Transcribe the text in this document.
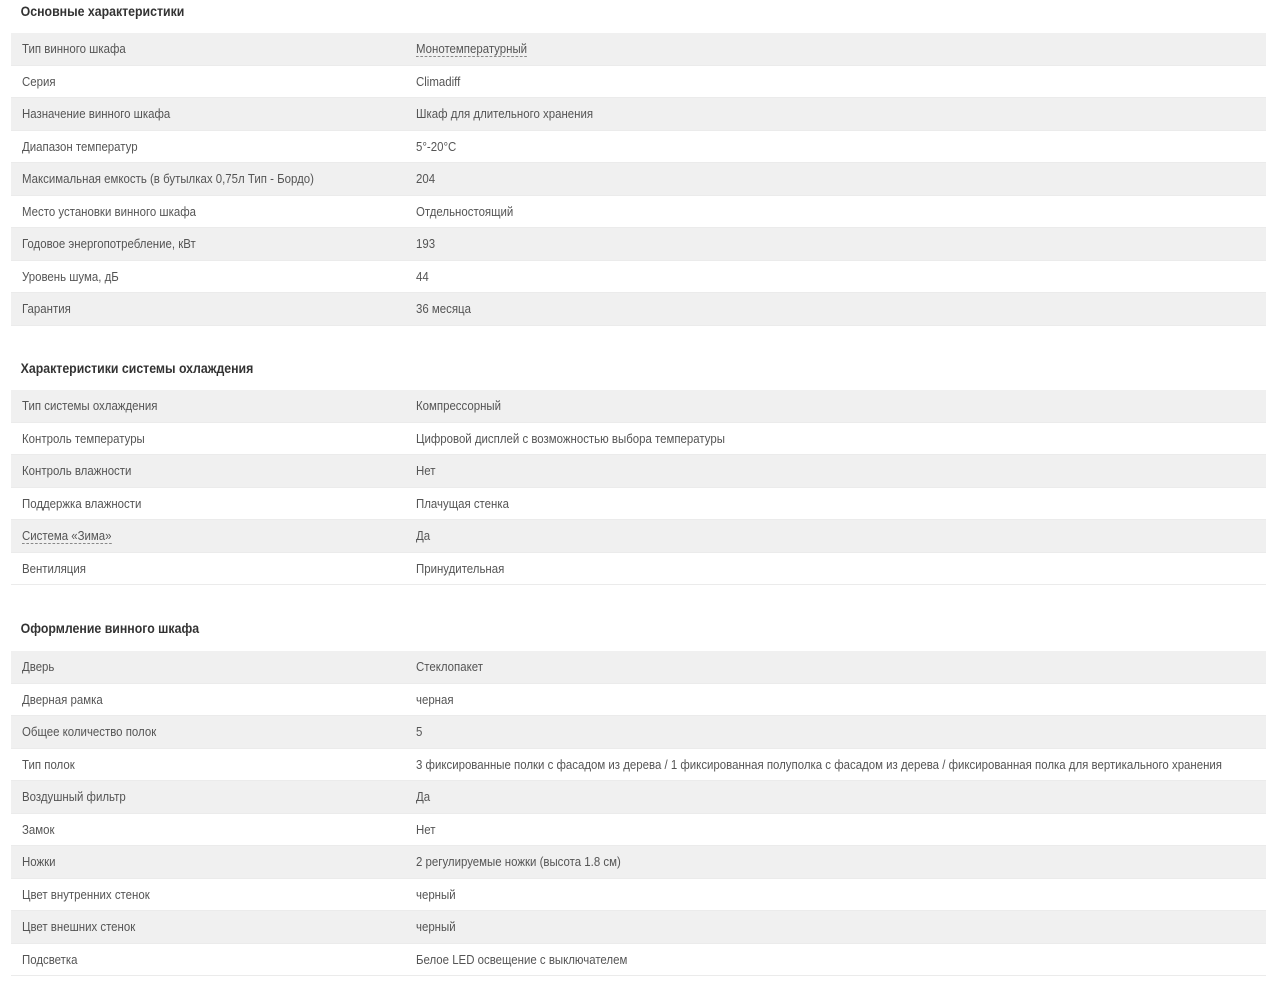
Основные характеристики
Тип винного шкафа	Монотемпературный
Серия	Climadiff
Назначение винного шкафа	Шкаф для длительного хранения
Диапазон температур	5°-20°С
Максимальная емкость (в бутылках 0,75л Тип - Бордо)	204
Место установки винного шкафа	Отдельностоящий
Годовое энергопотребление, кВт	193
Уровень шума, дБ	44
Гарантия	36 месяца
Характеристики системы охлаждения
Тип системы охлаждения	Компрессорный
Контроль температуры	Цифровой дисплей с возможностью выбора температуры
Контроль влажности	Нет
Поддержка влажности	Плачущая стенка
Система «Зима»	Да
Вентиляция	Принудительная
Оформление винного шкафа
Дверь	Стеклопакет
Дверная рамка	черная
Общее количество полок	5
Тип полок	3 фиксированные полки с фасадом из дерева / 1 фиксированная полуполка с фасадом из дерева / фиксированная полка для вертикального хранения
Воздушный фильтр	Да
Замок	Нет
Ножки	2 регулируемые ножки (высота 1.8 см)
Цвет внутренних стенок	черный
Цвет внешних стенок	черный
Подсветка	Белое LED освещение с выключателем
